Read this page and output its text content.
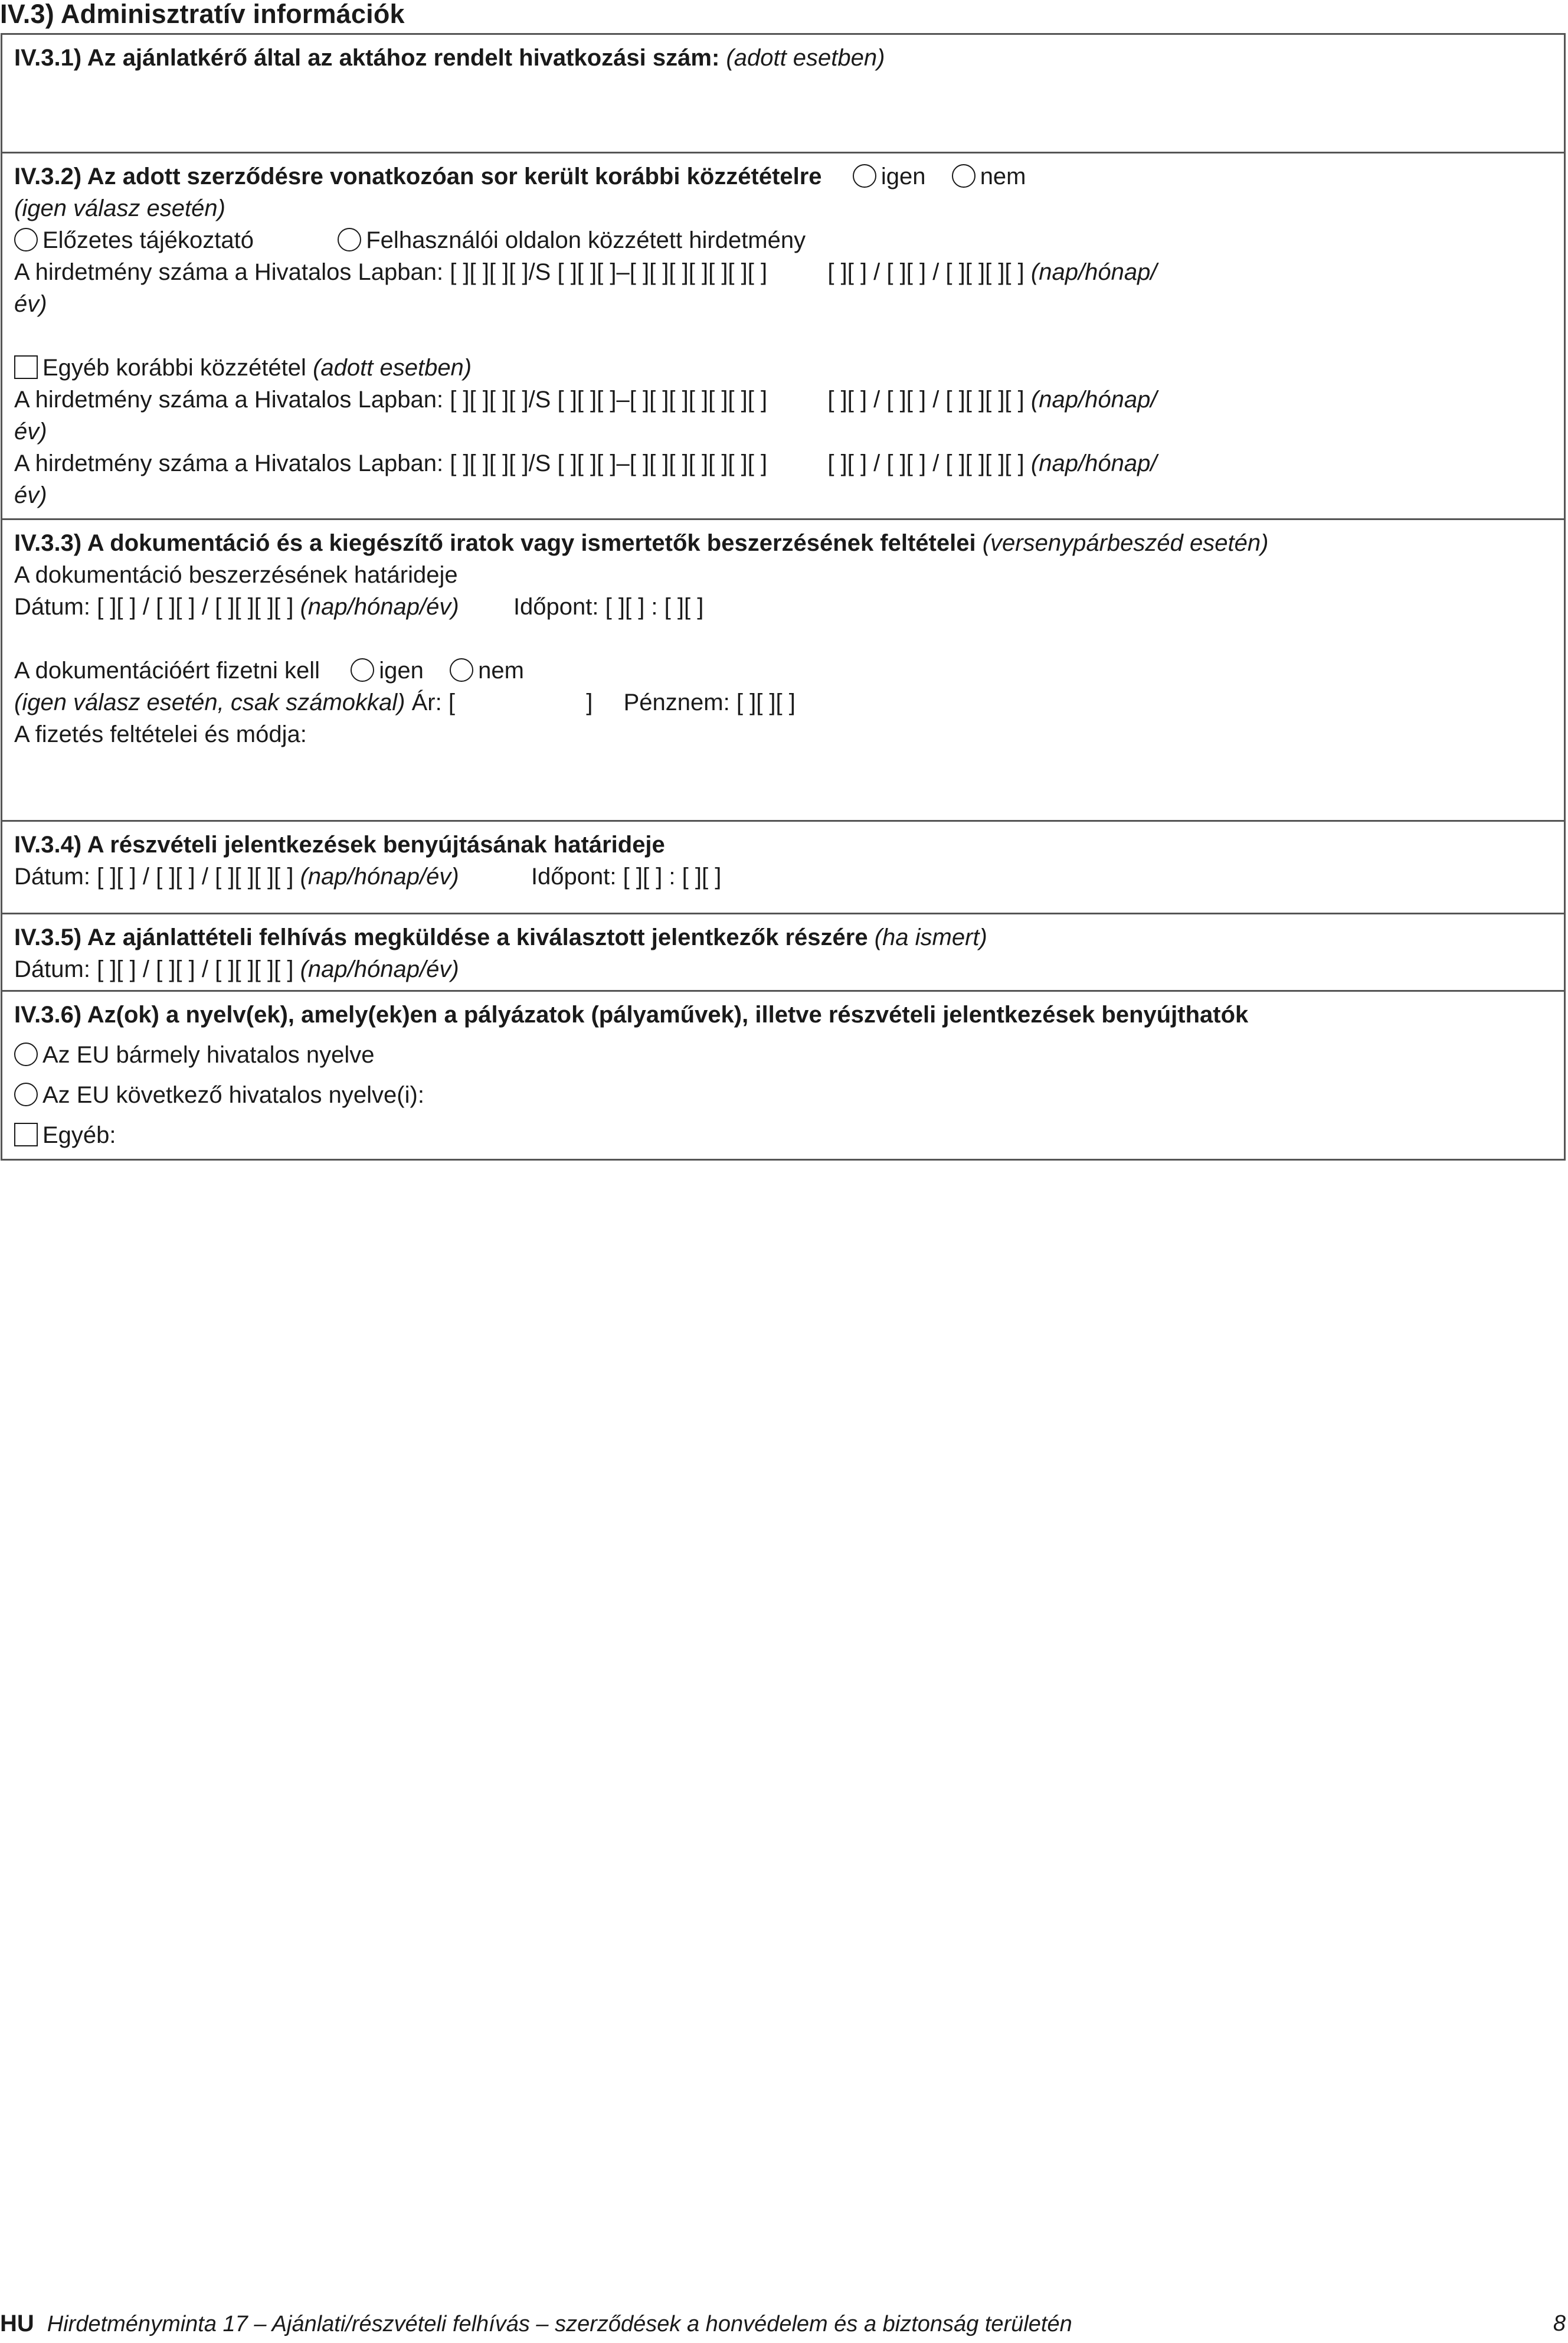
IV.3) Adminisztratív információk
IV.3.1) Az ajánlatkérő által az aktához rendelt hivatkozási szám: (adott esetben)
IV.3.2) Az adott szerződésre vonatkozóan sor került korábbi közzétételre	igen nem
(igen válasz esetén)
Előzetes tájékoztató	Felhasználói oldalon közzétett hirdetmény
A hirdetmény száma a Hivatalos Lapban: [ ][ ][ ][ ]/S [ ][ ][ ]–[ ][ ][ ][ ][ ][ ][ ]	[ ][ ] / [ ][ ] / [ ][ ][ ][ ] (nap/hónap/
év)
Egyéb korábbi közzététel (adott esetben)
A hirdetmény száma a Hivatalos Lapban: [ ][ ][ ][ ]/S [ ][ ][ ]–[ ][ ][ ][ ][ ][ ][ ]	[ ][ ] / [ ][ ] / [ ][ ][ ][ ] (nap/hónap/
év)
A hirdetmény száma a Hivatalos Lapban: [ ][ ][ ][ ]/S [ ][ ][ ]–[ ][ ][ ][ ][ ][ ][ ]	[ ][ ] / [ ][ ] / [ ][ ][ ][ ] (nap/hónap/
év)
IV.3.3) A dokumentáció és a kiegészítő iratok vagy ismertetők beszerzésének feltételei (versenypárbeszéd esetén)
A dokumentáció beszerzésének határideje
Dátum: [ ][ ] / [ ][ ] / [ ][ ][ ][ ] (nap/hónap/év) Időpont: [ ][ ] : [ ][ ]
A dokumentációért fizetni kell	igen nem
(igen válasz esetén, csak számokkal) Ár: [                    ] Pénznem: [ ][ ][ ]
A fizetés feltételei és módja:
IV.3.4) A részvételi jelentkezések benyújtásának határideje
Dátum: [ ][ ] / [ ][ ] / [ ][ ][ ][ ] (nap/hónap/év)	Időpont: [ ][ ] : [ ][ ]
IV.3.5) Az ajánlattételi felhívás megküldése a kiválasztott jelentkezők részére (ha ismert)
Dátum: [ ][ ] / [ ][ ] / [ ][ ][ ][ ] (nap/hónap/év)
IV.3.6) Az(ok) a nyelv(ek), amely(ek)en a pályázatok (pályaművek), illetve részvételi jelentkezések benyújthatók
Az EU bármely hivatalos nyelve
Az EU következő hivatalos nyelve(i):
Egyéb:
HU Hirdetményminta 17 – Ajánlati/részvételi felhívás – szerződések a honvédelem és a biztonság területén	8
